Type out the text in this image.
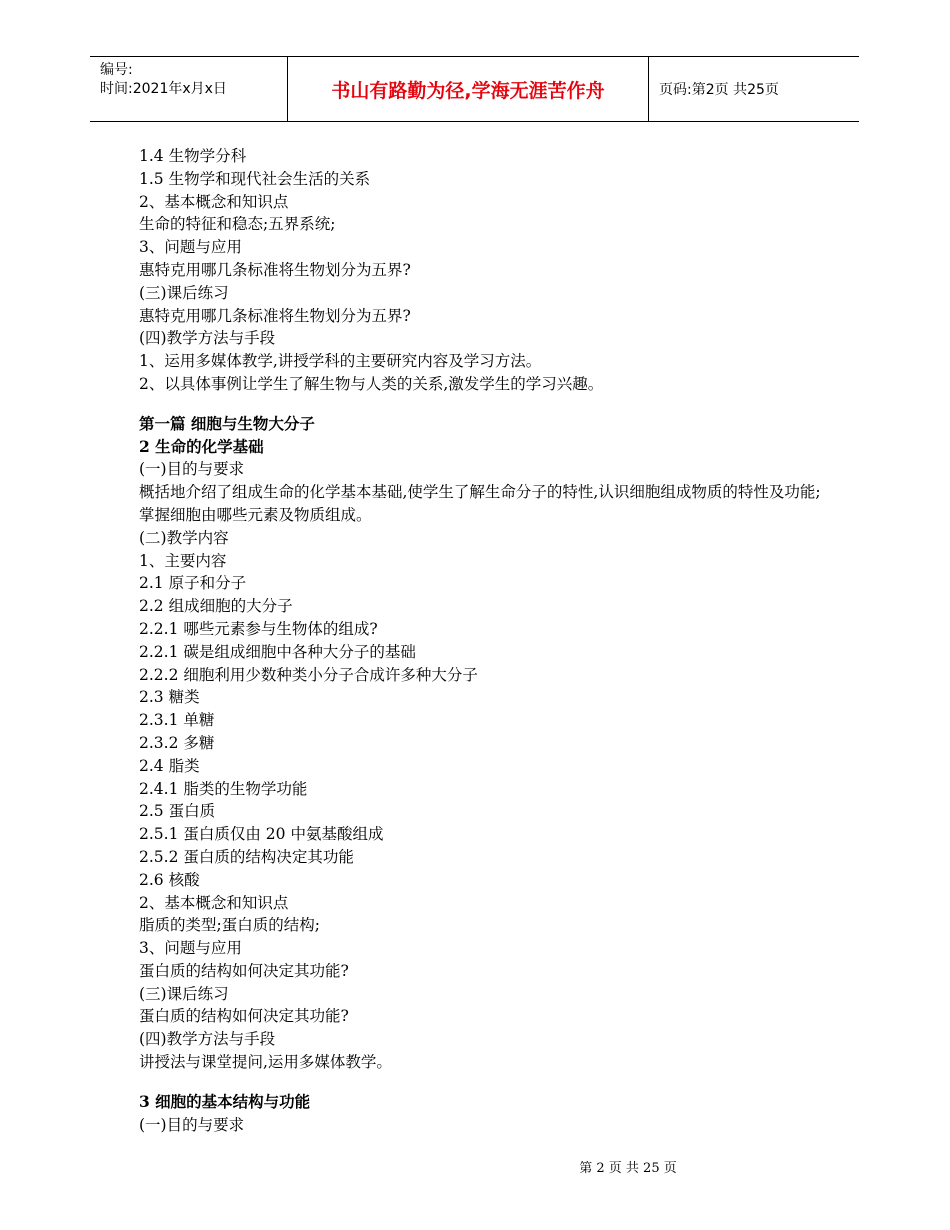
编号:
时间:2021年x月x日	书山有路勤为径,学海无涯苦作舟	页码:第2页 共25页
1.4 生物学分科
1.5 生物学和现代社会生活的关系
2、基本概念和知识点
生命的特征和稳态;五界系统;
3、问题与应用
惠特克用哪几条标准将生物划分为五界?
(三)课后练习
惠特克用哪几条标准将生物划分为五界?
(四)教学方法与手段
1、运用多媒体教学,讲授学科的主要研究内容及学习方法。
2、以具体事例让学生了解生物与人类的关系,激发学生的学习兴趣。
第一篇 细胞与生物大分子
2 生命的化学基础
(一)目的与要求
概括地介绍了组成生命的化学基本基础,使学生了解生命分子的特性,认识细胞组成物质的特性及功能;掌握细胞由哪些元素及物质组成。
(二)教学内容
1、主要内容
2.1 原子和分子
2.2 组成细胞的大分子
2.2.1 哪些元素参与生物体的组成?
2.2.1 碳是组成细胞中各种大分子的基础
2.2.2 细胞利用少数种类小分子合成许多种大分子
2.3 糖类
2.3.1 单糖
2.3.2 多糖
2.4 脂类
2.4.1 脂类的生物学功能
2.5 蛋白质
2.5.1 蛋白质仅由 20 中氨基酸组成
2.5.2 蛋白质的结构决定其功能
2.6 核酸
2、基本概念和知识点
脂质的类型;蛋白质的结构;
3、问题与应用
蛋白质的结构如何决定其功能?
(三)课后练习
蛋白质的结构如何决定其功能?
(四)教学方法与手段
讲授法与课堂提问,运用多媒体教学。
3 细胞的基本结构与功能
(一)目的与要求
第 2 页 共 25 页
